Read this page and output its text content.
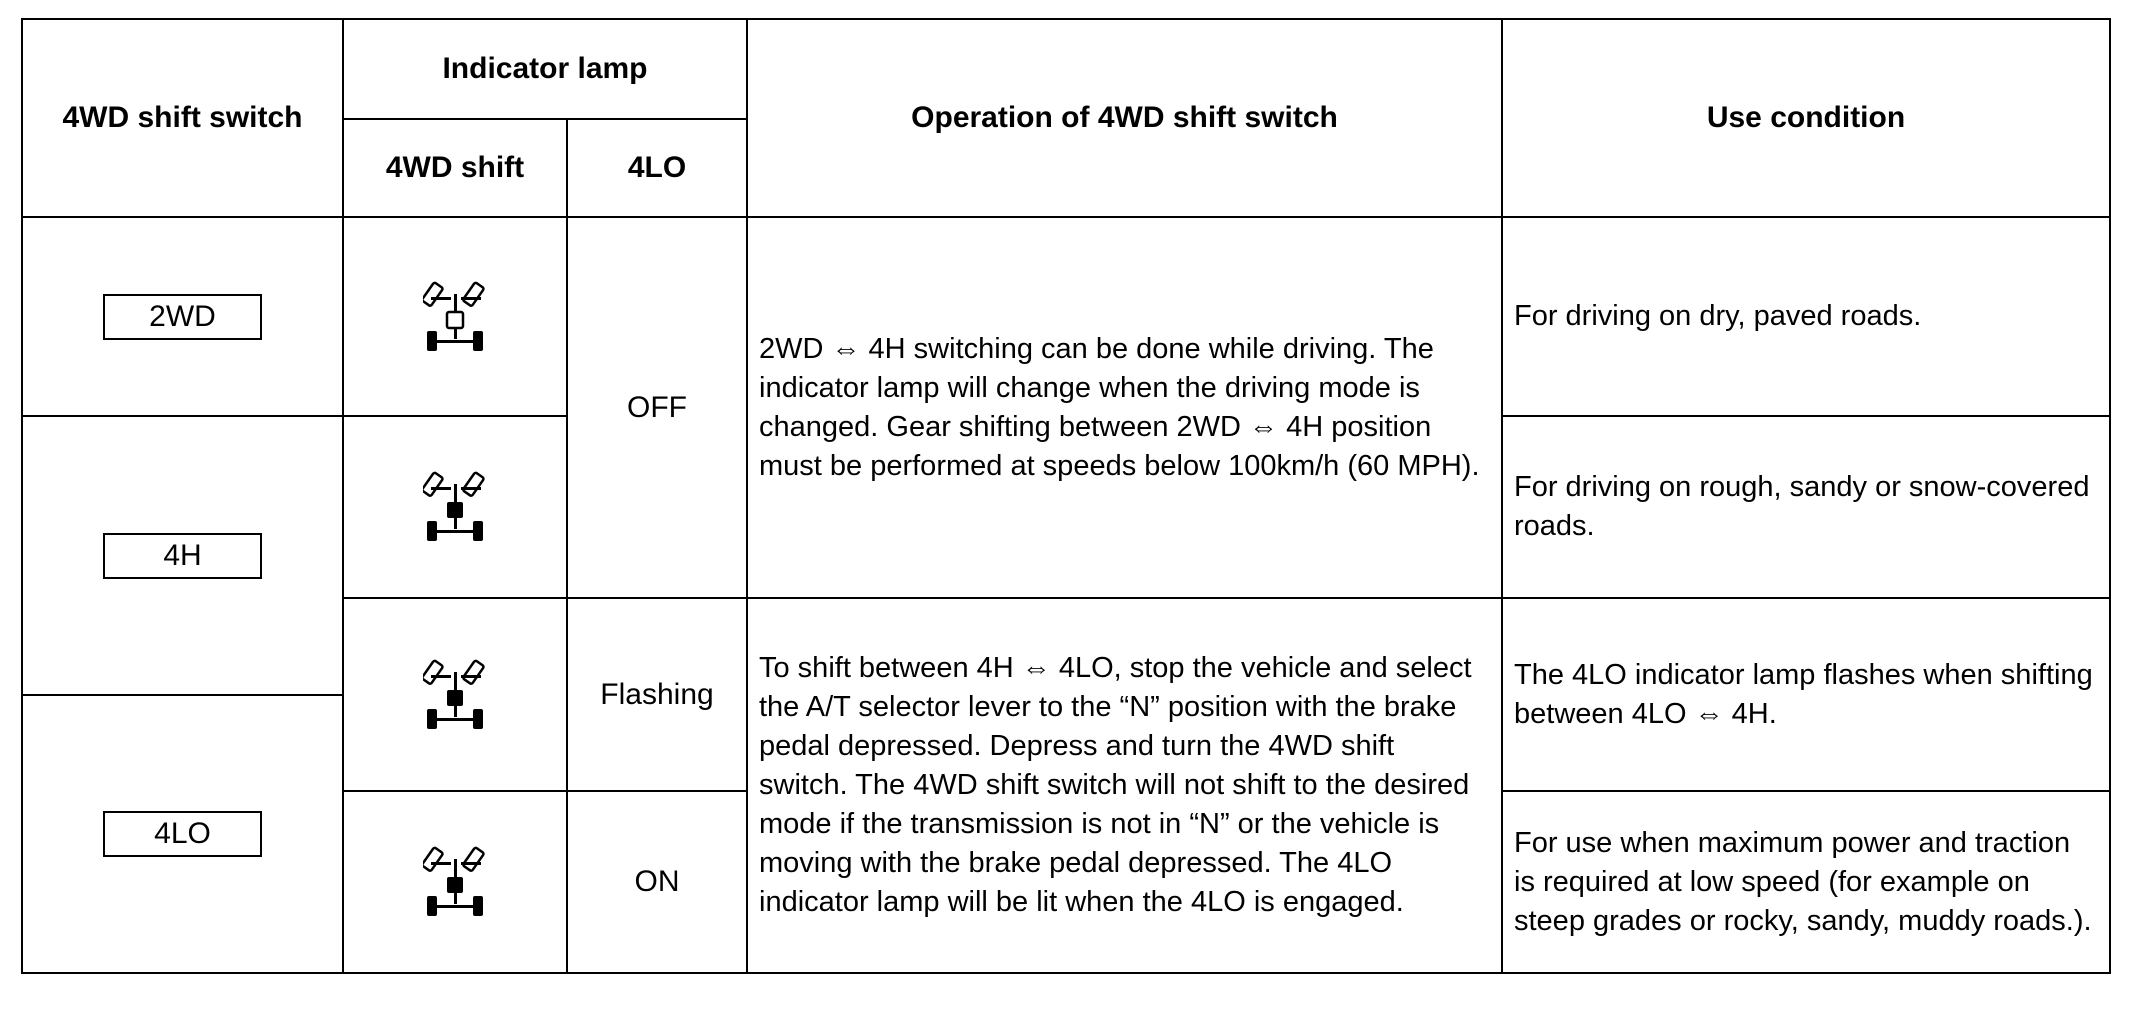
4WD shift switch
Indicator lamp
4WD shift	4LO
Operation of 4WD shift switch	Use condition
2WD
4H
4LO
OFF
Flashing
ON
2WD ⇔ 4H switching can be done while driving. The indicator lamp will change when the driving mode is changed. Gear shifting between 2WD ⇔ 4H position must be performed at speeds below 100km/h (60 MPH).
To shift between 4H ⇔ 4LO, stop the vehicle and select the A/T selector lever to the “N” position with the brake pedal depressed. Depress and turn the 4WD shift switch. The 4WD shift switch will not shift to the desired mode if the transmission is not in “N” or the vehicle is moving with the brake pedal depressed. The 4LO indicator lamp will be lit when the 4LO is engaged.
For driving on dry, paved roads.
For driving on rough, sandy or snow-covered roads.
The 4LO indicator lamp flashes when shifting between 4LO ⇔ 4H.
For use when maximum power and traction is required at low speed (for example on steep grades or rocky, sandy, muddy roads.).
